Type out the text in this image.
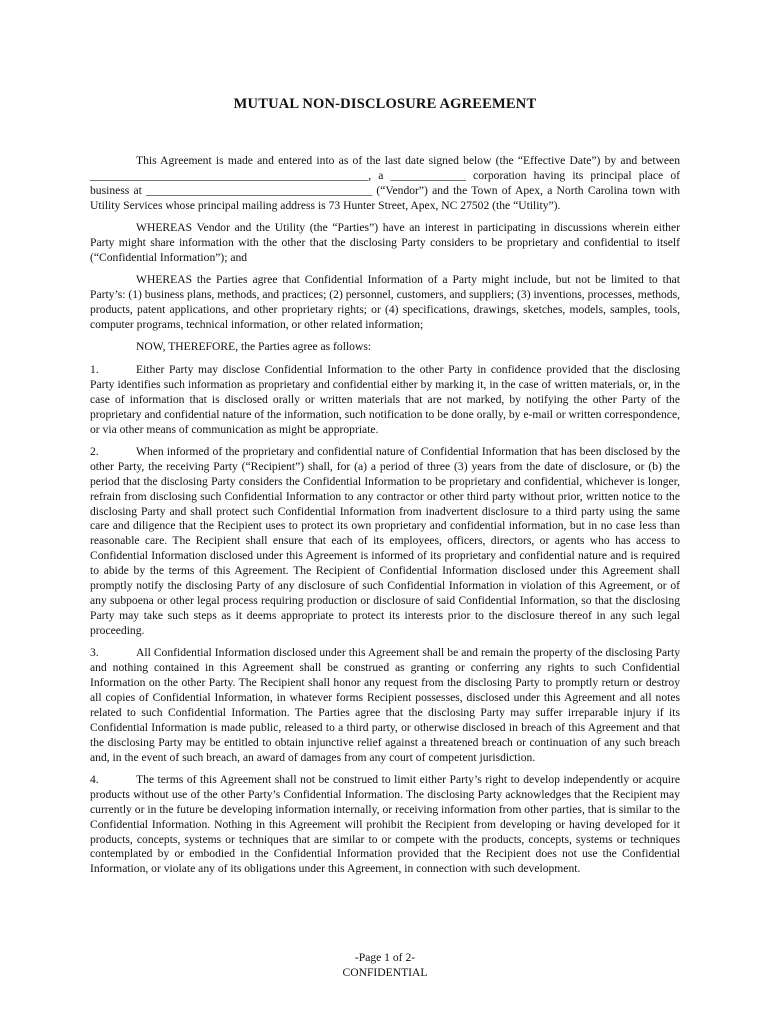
MUTUAL NON-DISCLOSURE AGREEMENT

This Agreement is made and entered into as of the last date signed below (the “Effective Date”) by and between ________________________________________________, a _____________ corporation having its principal place of business at _______________________________________ (“Vendor”) and the Town of Apex, a North Carolina town with Utility Services whose principal mailing address is 73 Hunter Street, Apex, NC 27502 (the “Utility”).

WHEREAS Vendor and the Utility (the “Parties”) have an interest in participating in discussions wherein either Party might share information with the other that the disclosing Party considers to be proprietary and confidential to itself (“Confidential Information”); and

WHEREAS the Parties agree that Confidential Information of a Party might include, but not be limited to that Party’s: (1) business plans, methods, and practices; (2) personnel, customers, and suppliers; (3) inventions, processes, methods, products, patent applications, and other proprietary rights; or (4) specifications, drawings, sketches, models, samples, tools, computer programs, technical information, or other related information;

NOW, THEREFORE, the Parties agree as follows:

1.	Either Party may disclose Confidential Information to the other Party in confidence provided that the disclosing Party identifies such information as proprietary and confidential either by marking it, in the case of written materials, or, in the case of information that is disclosed orally or written materials that are not marked, by notifying the other Party of the proprietary and confidential nature of the information, such notification to be done orally, by e-mail or written correspondence, or via other means of communication as might be appropriate.

2.	When informed of the proprietary and confidential nature of Confidential Information that has been disclosed by the other Party, the receiving Party (“Recipient”) shall, for (a) a period of three (3) years from the date of disclosure, or (b) the period that the disclosing Party considers the Confidential Information to be proprietary and confidential, whichever is longer, refrain from disclosing such Confidential Information to any contractor or other third party without prior, written notice to the disclosing Party and shall protect such Confidential Information from inadvertent disclosure to a third party using the same care and diligence that the Recipient uses to protect its own proprietary and confidential information, but in no case less than reasonable care. The Recipient shall ensure that each of its employees, officers, directors, or agents who has access to Confidential Information disclosed under this Agreement is informed of its proprietary and confidential nature and is required to abide by the terms of this Agreement. The Recipient of Confidential Information disclosed under this Agreement shall promptly notify the disclosing Party of any disclosure of such Confidential Information in violation of this Agreement, or of any subpoena or other legal process requiring production or disclosure of said Confidential Information, so that the disclosing Party may take such steps as it deems appropriate to protect its interests prior to the disclosure thereof in any such legal proceeding.

3.	All Confidential Information disclosed under this Agreement shall be and remain the property of the disclosing Party and nothing contained in this Agreement shall be construed as granting or conferring any rights to such Confidential Information on the other Party. The Recipient shall honor any request from the disclosing Party to promptly return or destroy all copies of Confidential Information, in whatever forms Recipient possesses, disclosed under this Agreement and all notes related to such Confidential Information. The Parties agree that the disclosing Party may suffer irreparable injury if its Confidential Information is made public, released to a third party, or otherwise disclosed in breach of this Agreement and that the disclosing Party may be entitled to obtain injunctive relief against a threatened breach or continuation of any such breach and, in the event of such breach, an award of damages from any court of competent jurisdiction.

4.	The terms of this Agreement shall not be construed to limit either Party’s right to develop independently or acquire products without use of the other Party’s Confidential Information. The disclosing Party acknowledges that the Recipient may currently or in the future be developing information internally, or receiving information from other parties, that is similar to the Confidential Information. Nothing in this Agreement will prohibit the Recipient from developing or having developed for it products, concepts, systems or techniques that are similar to or compete with the products, concepts, systems or techniques contemplated by or embodied in the Confidential Information provided that the Recipient does not use the Confidential Information, or violate any of its obligations under this Agreement, in connection with such development.

-Page 1 of 2-
CONFIDENTIAL
